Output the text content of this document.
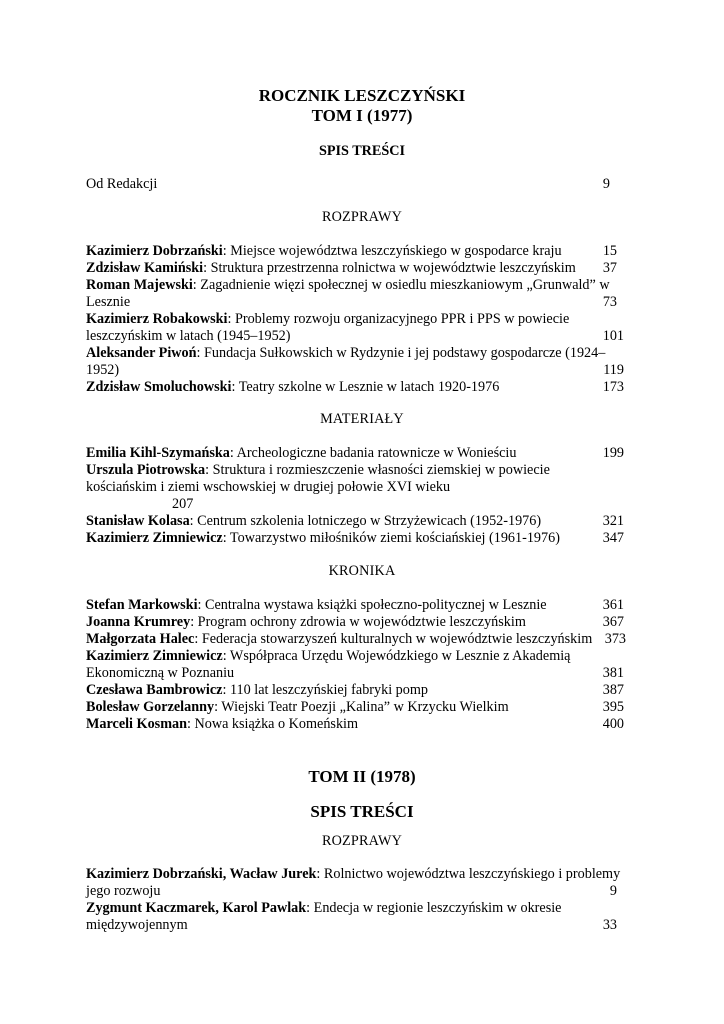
ROCZNIK LESZCZYŃSKI
TOM I (1977)
SPIS TREŚCI
Od Redakcji	9
ROZPRAWY
Kazimierz Dobrzański: Miejsce województwa leszczyńskiego w gospodarce kraju	15
Zdzisław Kamiński: Struktura przestrzenna rolnictwa w województwie leszczyńskim	37
Roman Majewski: Zagadnienie więzi społecznej w osiedlu mieszkaniowym „Grunwald” w
Lesznie	73
Kazimierz Robakowski: Problemy rozwoju organizacyjnego PPR i PPS w powiecie
leszczyńskim w latach (1945–1952)	101
Aleksander Piwoń: Fundacja Sułkowskich w Rydzynie i jej podstawy gospodarcze (1924–
1952)	119
Zdzisław Smoluchowski: Teatry szkolne w Lesznie w latach 1920-1976	173
MATERIAŁY
Emilia Kihl-Szymańska: Archeologiczne badania ratownicze w Wonieściu	199
Urszula Piotrowska: Struktura i rozmieszczenie własności ziemskiej w powiecie
kościańskim i ziemi wschowskiej w drugiej połowie XVI wieku
207
Stanisław Kolasa: Centrum szkolenia lotniczego w Strzyżewicach (1952-1976)	321
Kazimierz Zimniewicz: Towarzystwo miłośników ziemi kościańskiej (1961-1976)	347
KRONIKA
Stefan Markowski: Centralna wystawa książki społeczno-politycznej w Lesznie	361
Joanna Krumrey: Program ochrony zdrowia w województwie leszczyńskim	367
Małgorzata Halec: Federacja stowarzyszeń kulturalnych w województwie leszczyńskim 373
Kazimierz Zimniewicz: Współpraca Urzędu Wojewódzkiego w Lesznie z Akademią
Ekonomiczną w Poznaniu	381
Czesława Bambrowicz: 110 lat leszczyńskiej fabryki pomp	387
Bolesław Gorzelanny: Wiejski Teatr Poezji „Kalina” w Krzycku Wielkim	395
Marceli Kosman: Nowa książka o Komeńskim	400
TOM II (1978)
SPIS TREŚCI
ROZPRAWY
Kazimierz Dobrzański, Wacław Jurek: Rolnictwo województwa leszczyńskiego i problemy
jego rozwoju	9
Zygmunt Kaczmarek, Karol Pawlak: Endecja w regionie leszczyńskim w okresie
międzywojennym	33
